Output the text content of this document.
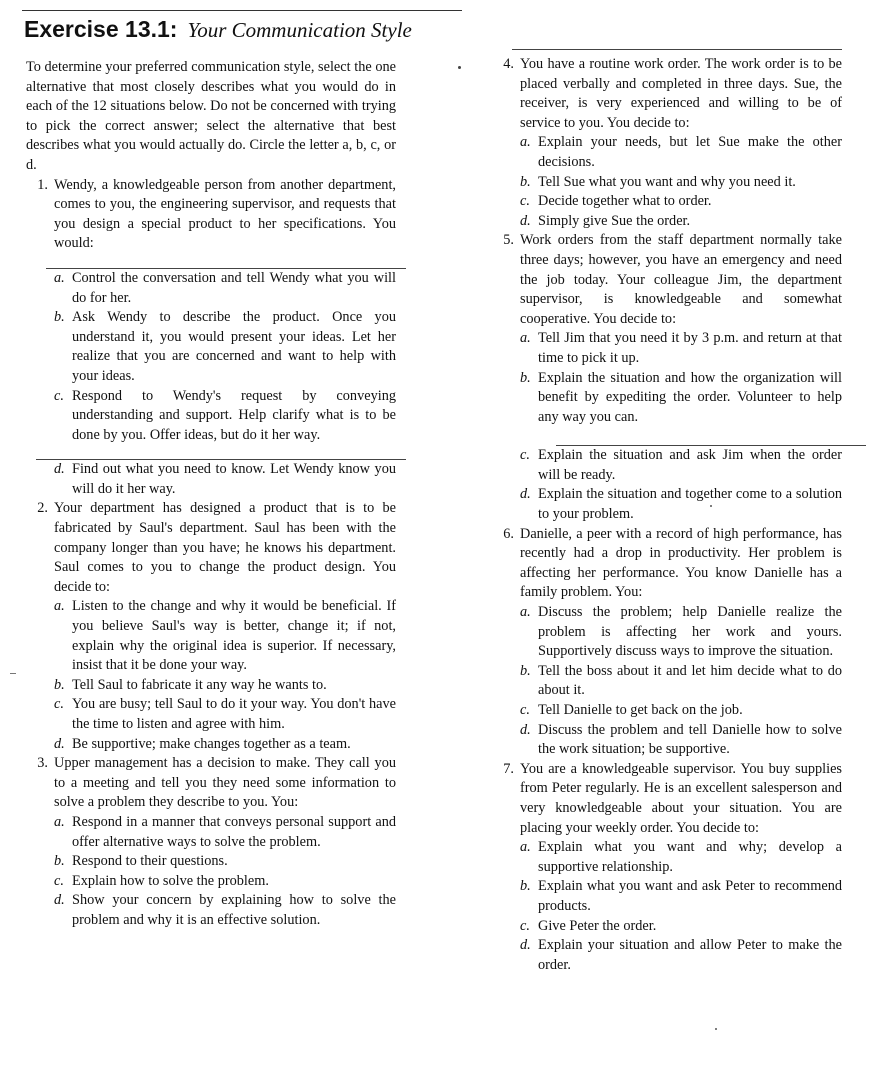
Exercise 13.1: Your Communication Style

To determine your preferred communication style, select the one alternative that most closely describes what you would do in each of the 12 situations below. Do not be concerned with trying to pick the correct answer; select the alternative that best describes what you would actually do. Circle the letter a, b, c, or d.

1. Wendy, a knowledgeable person from another department, comes to you, the engineering supervisor, and requests that you design a special product to her specifications. You would:
a. Control the conversation and tell Wendy what you will do for her.
b. Ask Wendy to describe the product. Once you understand it, you would present your ideas. Let her realize that you are concerned and want to help with your ideas.
c. Respond to Wendy's request by conveying understanding and support. Help clarify what is to be done by you. Offer ideas, but do it her way.
d. Find out what you need to know. Let Wendy know you will do it her way.
2. Your department has designed a product that is to be fabricated by Saul's department. Saul has been with the company longer than you have; he knows his department. Saul comes to you to change the product design. You decide to:
a. Listen to the change and why it would be beneficial. If you believe Saul's way is better, change it; if not, explain why the original idea is superior. If necessary, insist that it be done your way.
b. Tell Saul to fabricate it any way he wants to.
c. You are busy; tell Saul to do it your way. You don't have the time to listen and agree with him.
d. Be supportive; make changes together as a team.
3. Upper management has a decision to make. They call you to a meeting and tell you they need some information to solve a problem they describe to you. You:
a. Respond in a manner that conveys personal support and offer alternative ways to solve the problem.
b. Respond to their questions.
c. Explain how to solve the problem.
d. Show your concern by explaining how to solve the problem and why it is an effective solution.
4. You have a routine work order. The work order is to be placed verbally and completed in three days. Sue, the receiver, is very experienced and willing to be of service to you. You decide to:
a. Explain your needs, but let Sue make the other decisions.
b. Tell Sue what you want and why you need it.
c. Decide together what to order.
d. Simply give Sue the order.
5. Work orders from the staff department normally take three days; however, you have an emergency and need the job today. Your colleague Jim, the department supervisor, is knowledgeable and somewhat cooperative. You decide to:
a. Tell Jim that you need it by 3 p.m. and return at that time to pick it up.
b. Explain the situation and how the organization will benefit by expediting the order. Volunteer to help any way you can.
c. Explain the situation and ask Jim when the order will be ready.
d. Explain the situation and together come to a solution to your problem.
6. Danielle, a peer with a record of high performance, has recently had a drop in productivity. Her problem is affecting her performance. You know Danielle has a family problem. You:
a. Discuss the problem; help Danielle realize the problem is affecting her work and yours. Supportively discuss ways to improve the situation.
b. Tell the boss about it and let him decide what to do about it.
c. Tell Danielle to get back on the job.
d. Discuss the problem and tell Danielle how to solve the work situation; be supportive.
7. You are a knowledgeable supervisor. You buy supplies from Peter regularly. He is an excellent salesperson and very knowledgeable about your situation. You are placing your weekly order. You decide to:
a. Explain what you want and why; develop a supportive relationship.
b. Explain what you want and ask Peter to recommend products.
c. Give Peter the order.
d. Explain your situation and allow Peter to make the order.
